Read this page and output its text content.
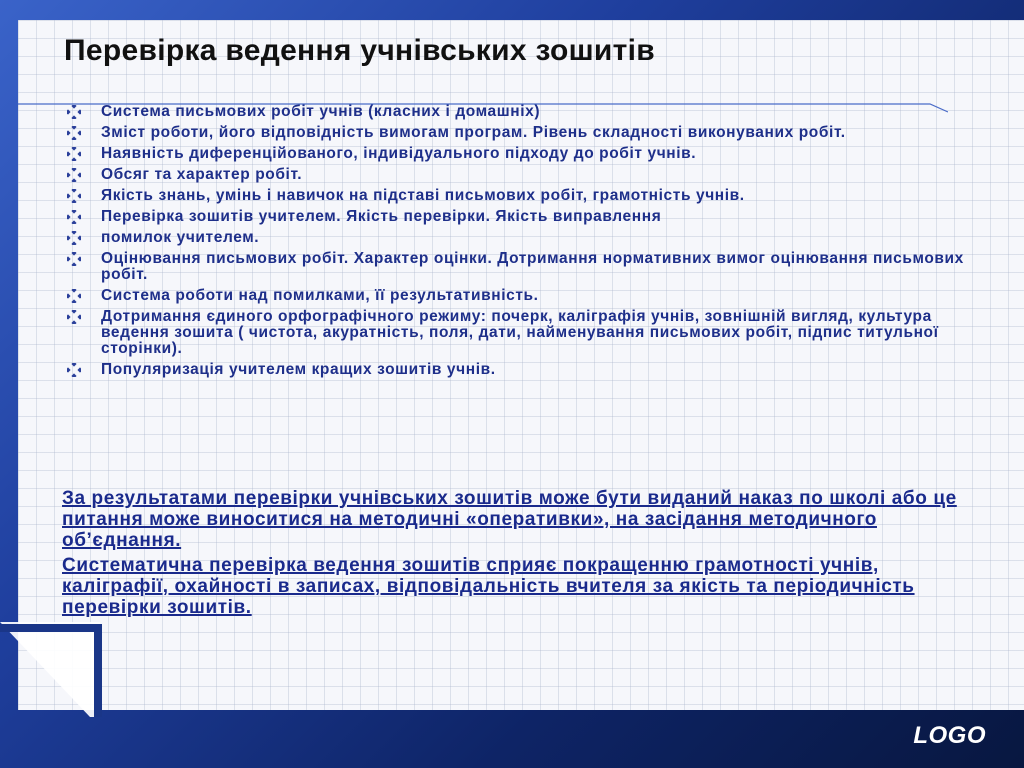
Перевірка ведення учнівських зошитів
Система письмових робіт учнів (класних і домашніх)
Зміст роботи, його відповідність вимогам програм. Рівень складності виконуваних робіт.
Наявність диференційованого, індивідуального підходу до робіт учнів.
Обсяг та характер робіт.
Якість знань, умінь і навичок на підставі письмових робіт, грамотність учнів.
Перевірка зошитів учителем. Якість перевірки. Якість виправлення
помилок учителем.
Оцінювання письмових робіт. Характер оцінки. Дотримання нормативних вимог оцінювання письмових робіт.
Система роботи над помилками, її результативність.
Дотримання єдиного орфографічного режиму: почерк, каліграфія учнів, зовнішній вигляд, культура ведення зошита ( чистота, акуратність, поля, дати, найменування письмових робіт, підпис титульної сторінки).
Популяризація учителем кращих зошитів учнів.

За результатами перевірки учнівських зошитів може бути виданий наказ по школі або це питання може виноситися на методичні «оперативки», на засідання методичного об’єднання.

Систематична перевірка ведення зошитів сприяє покращенню грамотності учнів, каліграфії, охайності в записах, відповідальність вчителя за якість та періодичність перевірки зошитів.

LOGO
